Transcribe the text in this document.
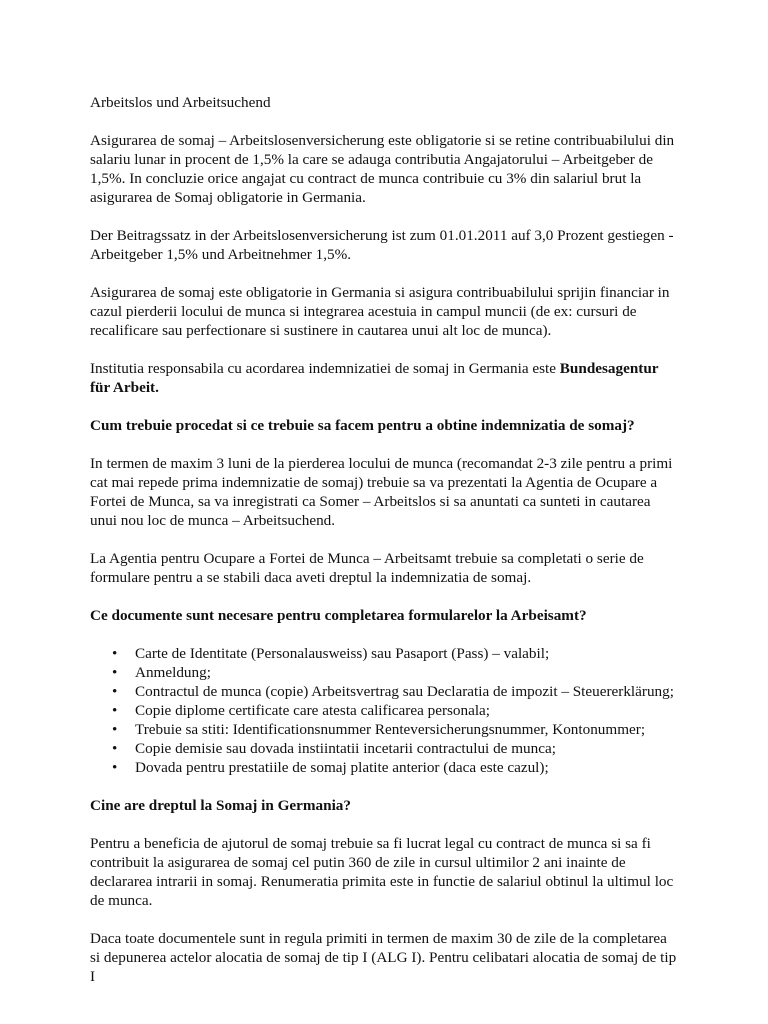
Arbeitslos und Arbeitsuchend

Asigurarea de somaj – Arbeitslosenversicherung este obligatorie si se retine contribuabilului din salariu lunar in procent de 1,5% la care se adauga contributia Angajatorului – Arbeitgeber de 1,5%. In concluzie orice angajat cu contract de munca contribuie cu 3% din salariul brut la asigurarea de Somaj obligatorie in Germania.

Der Beitragssatz in der Arbeitslosenversicherung ist zum 01.01.2011 auf 3,0 Prozent gestiegen - Arbeitgeber 1,5% und Arbeitnehmer 1,5%.

Asigurarea de somaj este obligatorie in Germania si asigura contribuabilului sprijin financiar in cazul pierderii locului de munca si integrarea acestuia in campul muncii (de ex: cursuri de recalificare sau perfectionare si sustinere in cautarea unui alt loc de munca).

Institutia responsabila cu acordarea indemnizatiei de somaj in Germania este Bundesagentur für Arbeit.

Cum trebuie procedat si ce trebuie sa facem pentru a obtine indemnizatia de somaj?

In termen de maxim 3 luni de la pierderea locului de munca (recomandat 2-3 zile pentru a primi cat mai repede prima indemnizatie de somaj) trebuie sa va prezentati la Agentia de Ocupare a Fortei de Munca, sa va inregistrati ca Somer – Arbeitslos si sa anuntati ca sunteti in cautarea unui nou loc de munca – Arbeitsuchend.

La Agentia pentru Ocupare a Fortei de Munca – Arbeitsamt trebuie sa completati o serie de formulare pentru a se stabili daca aveti dreptul la indemnizatia de somaj.

Ce documente sunt necesare pentru completarea formularelor la Arbeisamt?
• Carte de Identitate (Personalausweiss) sau Pasaport (Pass) – valabil;
• Anmeldung;
• Contractul de munca (copie) Arbeitsvertrag sau Declaratia de impozit – Steuererklärung;
• Copie diplome certificate care atesta calificarea personala;
• Trebuie sa stiti: Identificationsnummer Renteversicherungsnummer, Kontonummer;
• Copie demisie sau dovada instiintatii incetarii contractului de munca;
• Dovada pentru prestatiile de somaj platite anterior (daca este cazul);
Cine are dreptul la Somaj in Germania?

Pentru a beneficia de ajutorul de somaj trebuie sa fi lucrat legal cu contract de munca si sa fi contribuit la asigurarea de somaj cel putin 360 de zile in cursul ultimilor 2 ani inainte de declararea intrarii in somaj. Renumeratia primita este in functie de salariul obtinul la ultimul loc de munca.

Daca toate documentele sunt in regula primiti in termen de maxim 30 de zile de la completarea si depunerea actelor alocatia de somaj de tip I (ALG I). Pentru celibatari alocatia de somaj de tip I
